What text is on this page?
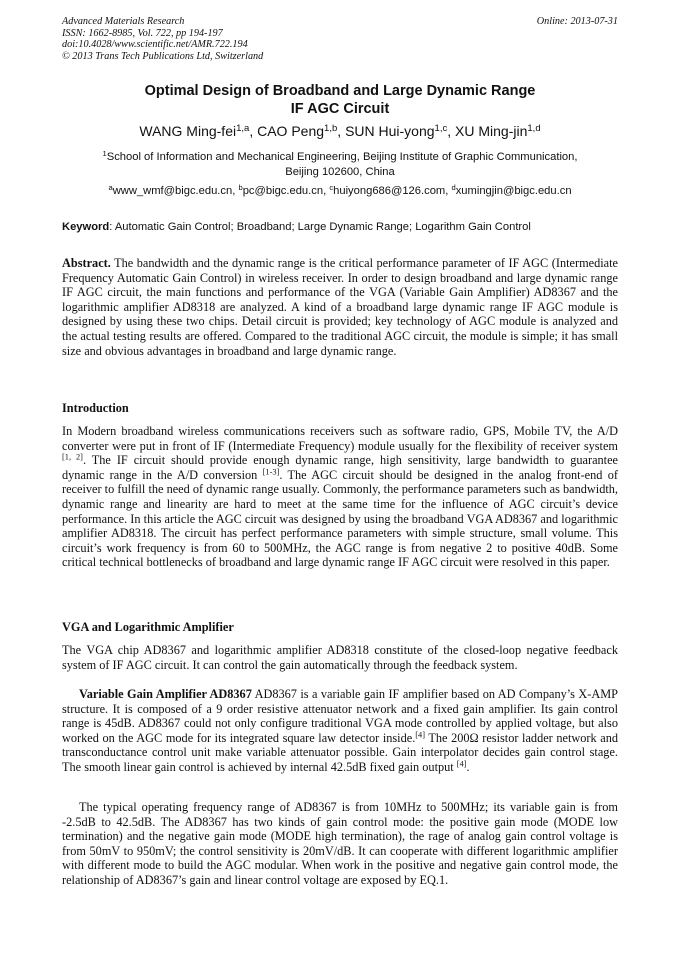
Advanced Materials Research
ISSN: 1662-8985, Vol. 722, pp 194-197
doi:10.4028/www.scientific.net/AMR.722.194
© 2013 Trans Tech Publications Ltd, Switzerland
Online: 2013-07-31
Optimal Design of Broadband and Large Dynamic Range
IF AGC Circuit
WANG Ming-fei$^{1,a}$, CAO Peng$^{1,b}$, SUN Hui-yong$^{1,c}$, XU Ming-jin$^{1,d}$
$^1$School of Information and Mechanical Engineering, Beijing Institute of Graphic Communication,
Beijing 102600, China
$^a$www_wmf@bigc.edu.cn, $^b$pc@bigc.edu.cn, $^c$huiyong686@126.com, $^d$xumingjin@bigc.edu.cn
Keyword: Automatic Gain Control; Broadband; Large Dynamic Range; Logarithm Gain Control

Abstract. The bandwidth and the dynamic range is the critical performance parameter of IF AGC (Intermediate Frequency Automatic Gain Control) in wireless receiver. In order to design broadband and large dynamic range IF AGC circuit, the main functions and performance of the VGA (Variable Gain Amplifier) AD8367 and the logarithmic amplifier AD8318 are analyzed. A kind of a broadband large dynamic range IF AGC module is designed by using these two chips. Detail circuit is provided; key technology of AGC module is analyzed and the actual testing results are offered. Compared to the traditional AGC circuit, the module is simple; it has small size and obvious advantages in broadband and large dynamic range.

Introduction

In Modern broadband wireless communications receivers such as software radio, GPS, Mobile TV, the A/D converter were put in front of IF (Intermediate Frequency) module usually for the flexibility of receiver system [1, 2]. The IF circuit should provide enough dynamic range, high sensitivity, large bandwidth to guarantee dynamic range in the A/D conversion [1-3]. The AGC circuit should be designed in the analog front-end of receiver to fulfill the need of dynamic range usually. Commonly, the performance parameters such as bandwidth, dynamic range and linearity are hard to meet at the same time for the influence of AGC circuit’s device performance. In this article the AGC circuit was designed by using the broadband VGA AD8367 and logarithmic amplifier AD8318. The circuit has perfect performance parameters with simple structure, small volume. This circuit’s work frequency is from 60 to 500MHz, the AGC range is from negative 2 to positive 40dB. Some critical technical bottlenecks of broadband and large dynamic range IF AGC circuit were resolved in this paper.

VGA and Logarithmic Amplifier

The VGA chip AD8367 and logarithmic amplifier AD8318 constitute of the closed-loop negative feedback system of IF AGC circuit. It can control the gain automatically through the feedback system.

Variable Gain Amplifier AD8367 AD8367 is a variable gain IF amplifier based on AD Company’s X-AMP structure. It is composed of a 9 order resistive attenuator network and a fixed gain amplifier. Its gain control range is 45dB. AD8367 could not only configure traditional VGA mode controlled by applied voltage, but also worked on the AGC mode for its integrated square law detector inside.[4] The 200Ω resistor ladder network and transconductance control unit make variable attenuator possible. Gain interpolator decides gain control stage. The smooth linear gain control is achieved by internal 42.5dB fixed gain output [4].

The typical operating frequency range of AD8367 is from 10MHz to 500MHz; its variable gain is from -2.5dB to 42.5dB. The AD8367 has two kinds of gain control mode: the positive gain mode (MODE low termination) and the negative gain mode (MODE high termination), the rage of analog gain control voltage is from 50mV to 950mV; the control sensitivity is 20mV/dB. It can cooperate with different logarithmic amplifier with different mode to build the AGC modular. When work in the positive and negative gain control mode, the relationship of AD8367’s gain and linear control voltage are exposed by EQ.1.
